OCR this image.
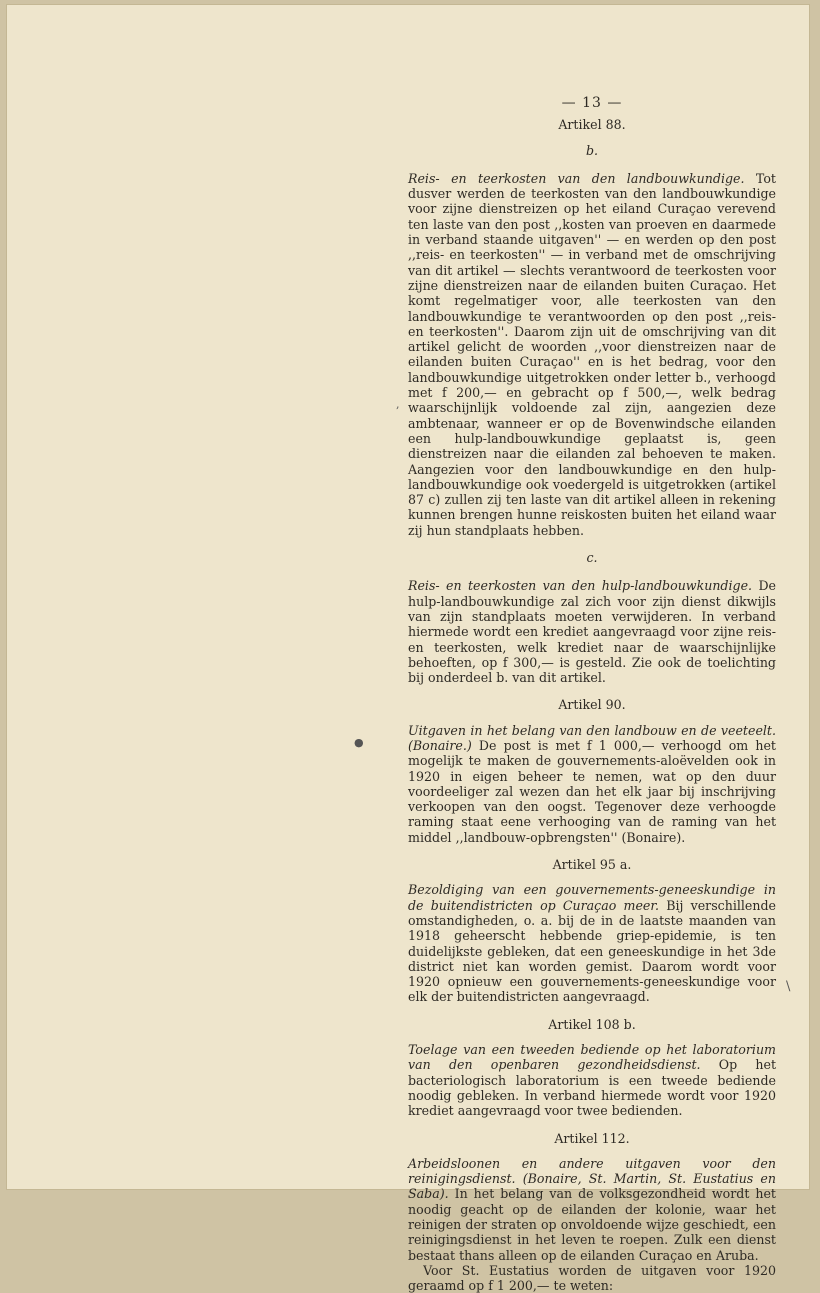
●
,
\
— 13 —
Artikel 88.
b.

Reis- en teerkosten van den landbouwkundige. Tot dusver werden de teerkosten van den landbouwkundige voor zijne dienstreizen op het eiland Curaçao verevend ten laste van den post ,,kosten van proeven en daarmede in verband staande uitgaven'' — en werden op den post ,,reis- en teerkosten'' — in verband met de omschrijving van dit artikel — slechts verantwoord de teerkosten voor zijne dienstreizen naar de eilanden buiten Curaçao. Het komt regelmatiger voor, alle teerkosten van den landbouwkundige te verantwoorden op den post ,,reis- en teerkosten''. Daarom zijn uit de omschrijving van dit artikel gelicht de woorden ,,voor dienstreizen naar de eilanden buiten Curaçao'' en is het bedrag, voor den landbouwkundige uitgetrokken onder letter b., verhoogd met f 200,— en gebracht op f 500,—, welk bedrag waarschijnlijk voldoende zal zijn, aangezien deze ambtenaar, wanneer er op de Bovenwindsche eilanden een hulp-landbouwkundige geplaatst is, geen dienstreizen naar die eilanden zal behoeven te maken. Aangezien voor den landbouwkundige en den hulp-landbouwkundige ook voedergeld is uitgetrokken (artikel 87 c) zullen zij ten laste van dit artikel alleen in rekening kunnen brengen hunne reiskosten buiten het eiland waar zij hun standplaats hebben.

c.

Reis- en teerkosten van den hulp-landbouwkundige. De hulp-landbouwkundige zal zich voor zijn dienst dikwijls van zijn standplaats moeten verwijderen. In verband hiermede wordt een krediet aangevraagd voor zijne reis- en teerkosten, welk krediet naar de waarschijnlijke behoeften, op f 300,— is gesteld. Zie ook de toelichting bij onderdeel b. van dit artikel.

Artikel 90.

Uitgaven in het belang van den landbouw en de veeteelt. (Bonaire.) De post is met f 1 000,— verhoogd om het mogelijk te maken de gouvernements-aloëvelden ook in 1920 in eigen beheer te nemen, wat op den duur voordeeliger zal wezen dan het elk jaar bij inschrijving verkoopen van den oogst. Tegenover deze verhoogde raming staat eene verhooging van de raming van het middel ,,landbouw-opbrengsten'' (Bonaire).

Artikel 95 a.

Bezoldiging van een gouvernements-geneeskundige in de buitendistricten op Curaçao meer. Bij verschillende omstandigheden, o. a. bij de in de laatste maanden van 1918 geheerscht hebbende griep-epidemie, is ten duidelijkste gebleken, dat een geneeskundige in het 3de district niet kan worden gemist. Daarom wordt voor 1920 opnieuw een gouvernements-geneeskundige voor elk der buitendistricten aangevraagd.

Artikel 108 b.

Toelage van een tweeden bediende op het laboratorium van den openbaren gezondheidsdienst. Op het bacteriologisch laboratorium is een tweede bediende noodig gebleken. In verband hiermede wordt voor 1920 krediet aangevraagd voor twee bedienden.

Artikel 112.

Arbeidsloonen en andere uitgaven voor den reinigingsdienst. (Bonaire, St. Martin, St. Eustatius en Saba). In het belang van de volksgezondheid wordt het noodig geacht op de eilanden der kolonie, waar het reinigen der straten op onvoldoende wijze geschiedt, een reinigingsdienst in het leven te roepen. Zulk een dienst bestaat thans alleen op de eilanden Curaçao en Aruba.

Voor St. Eustatius worden de uitgaven voor 1920 geraamd op f 1 200,— te weten:
